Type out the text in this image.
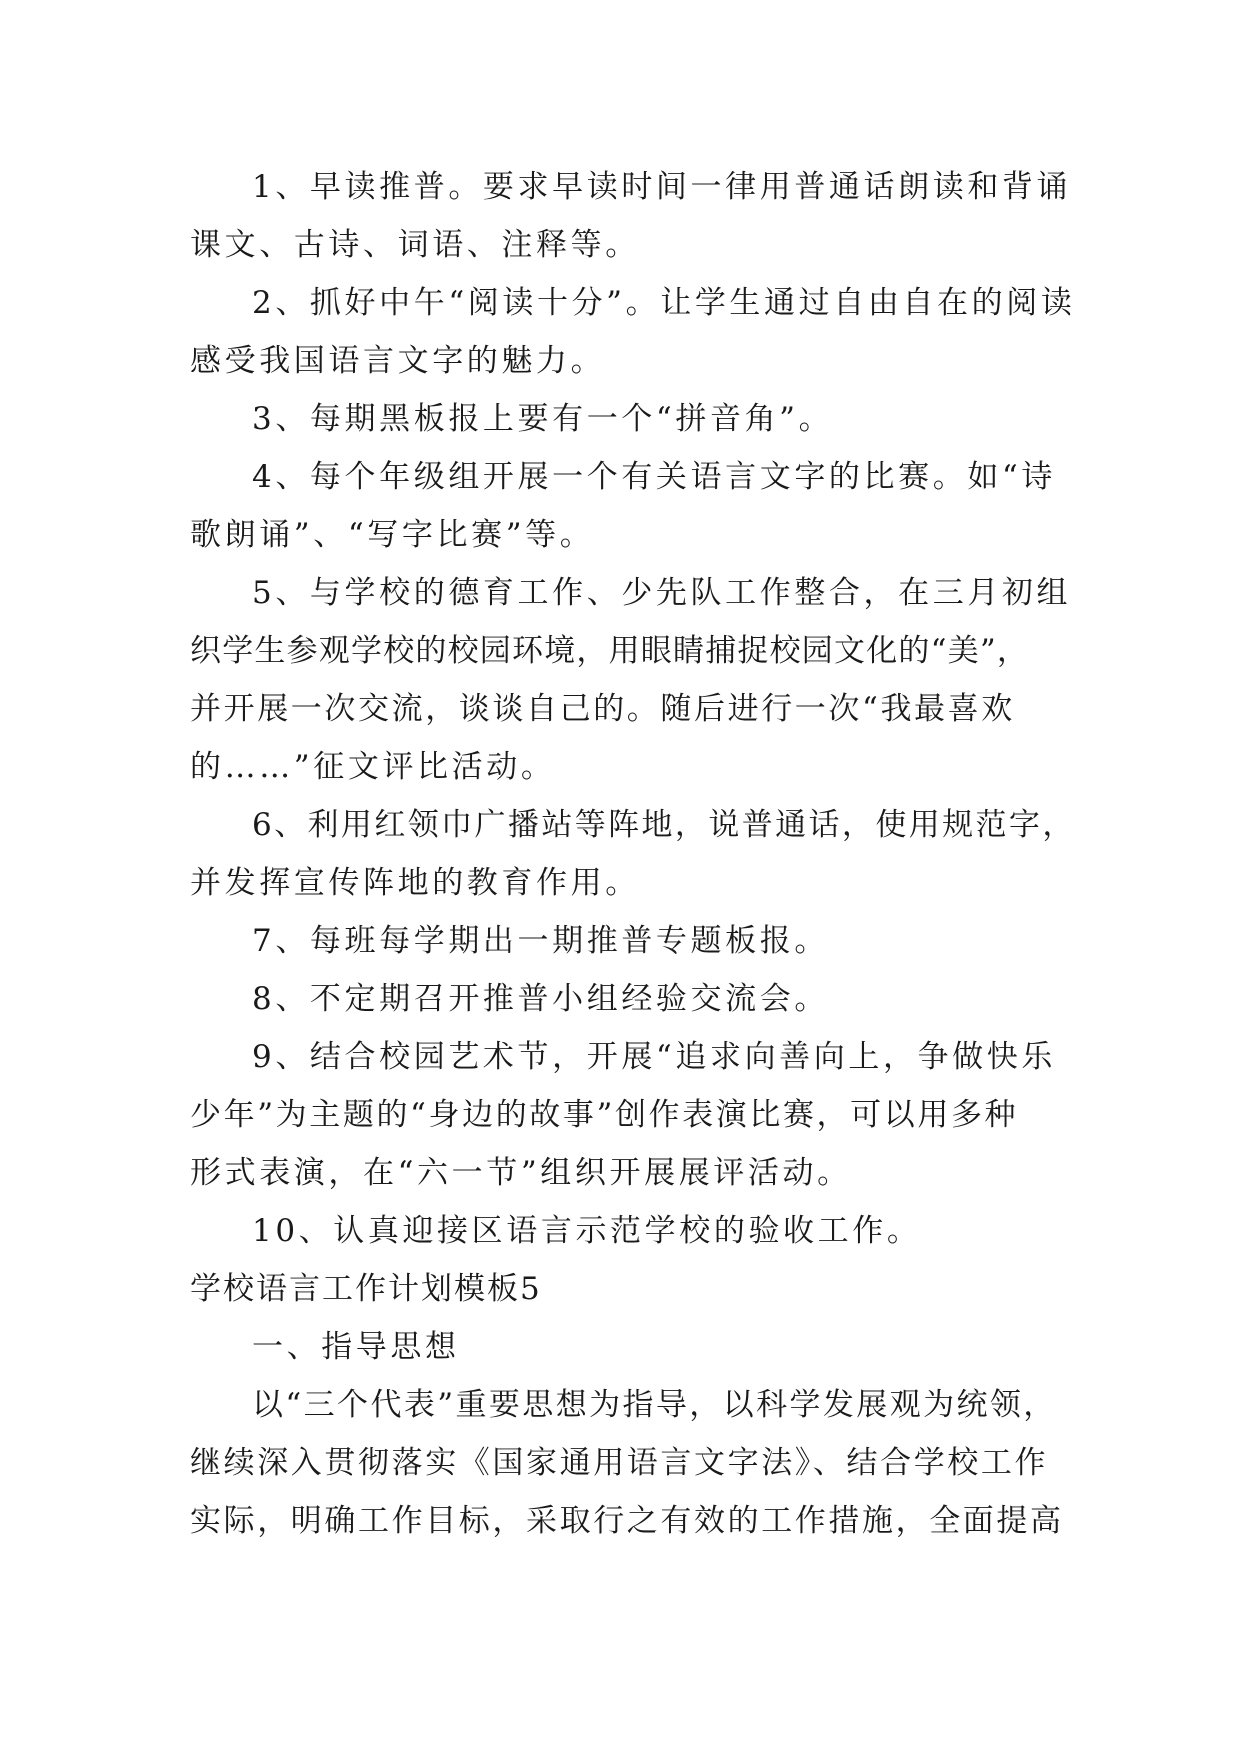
1、早读推普。要求早读时间一律用普通话朗读和背诵
课文、古诗、词语、注释等。
2、抓好中午“阅读十分”。让学生通过自由自在的阅读
感受我国语言文字的魅力。
3、每期黑板报上要有一个“拼音角”。
4、每个年级组开展一个有关语言文字的比赛。如“诗
歌朗诵”、“写字比赛”等。
5、与学校的德育工作、少先队工作整合，在三月初组
织学生参观学校的校园环境，用眼睛捕捉校园文化的“美”，
并开展一次交流，谈谈自己的。随后进行一次“我最喜欢
的……”征文评比活动。
6、利用红领巾广播站等阵地，说普通话，使用规范字，
并发挥宣传阵地的教育作用。
7、每班每学期出一期推普专题板报。
8、不定期召开推普小组经验交流会。
9、结合校园艺术节，开展“追求向善向上，争做快乐
少年”为主题的“身边的故事”创作表演比赛，可以用多种
形式表演，在“六一节”组织开展展评活动。
10、认真迎接区语言示范学校的验收工作。
学校语言工作计划模板5
一、指导思想
以“三个代表”重要思想为指导，以科学发展观为统领，
继续深入贯彻落实《国家通用语言文字法》、结合学校工作
实际，明确工作目标，采取行之有效的工作措施，全面提高
